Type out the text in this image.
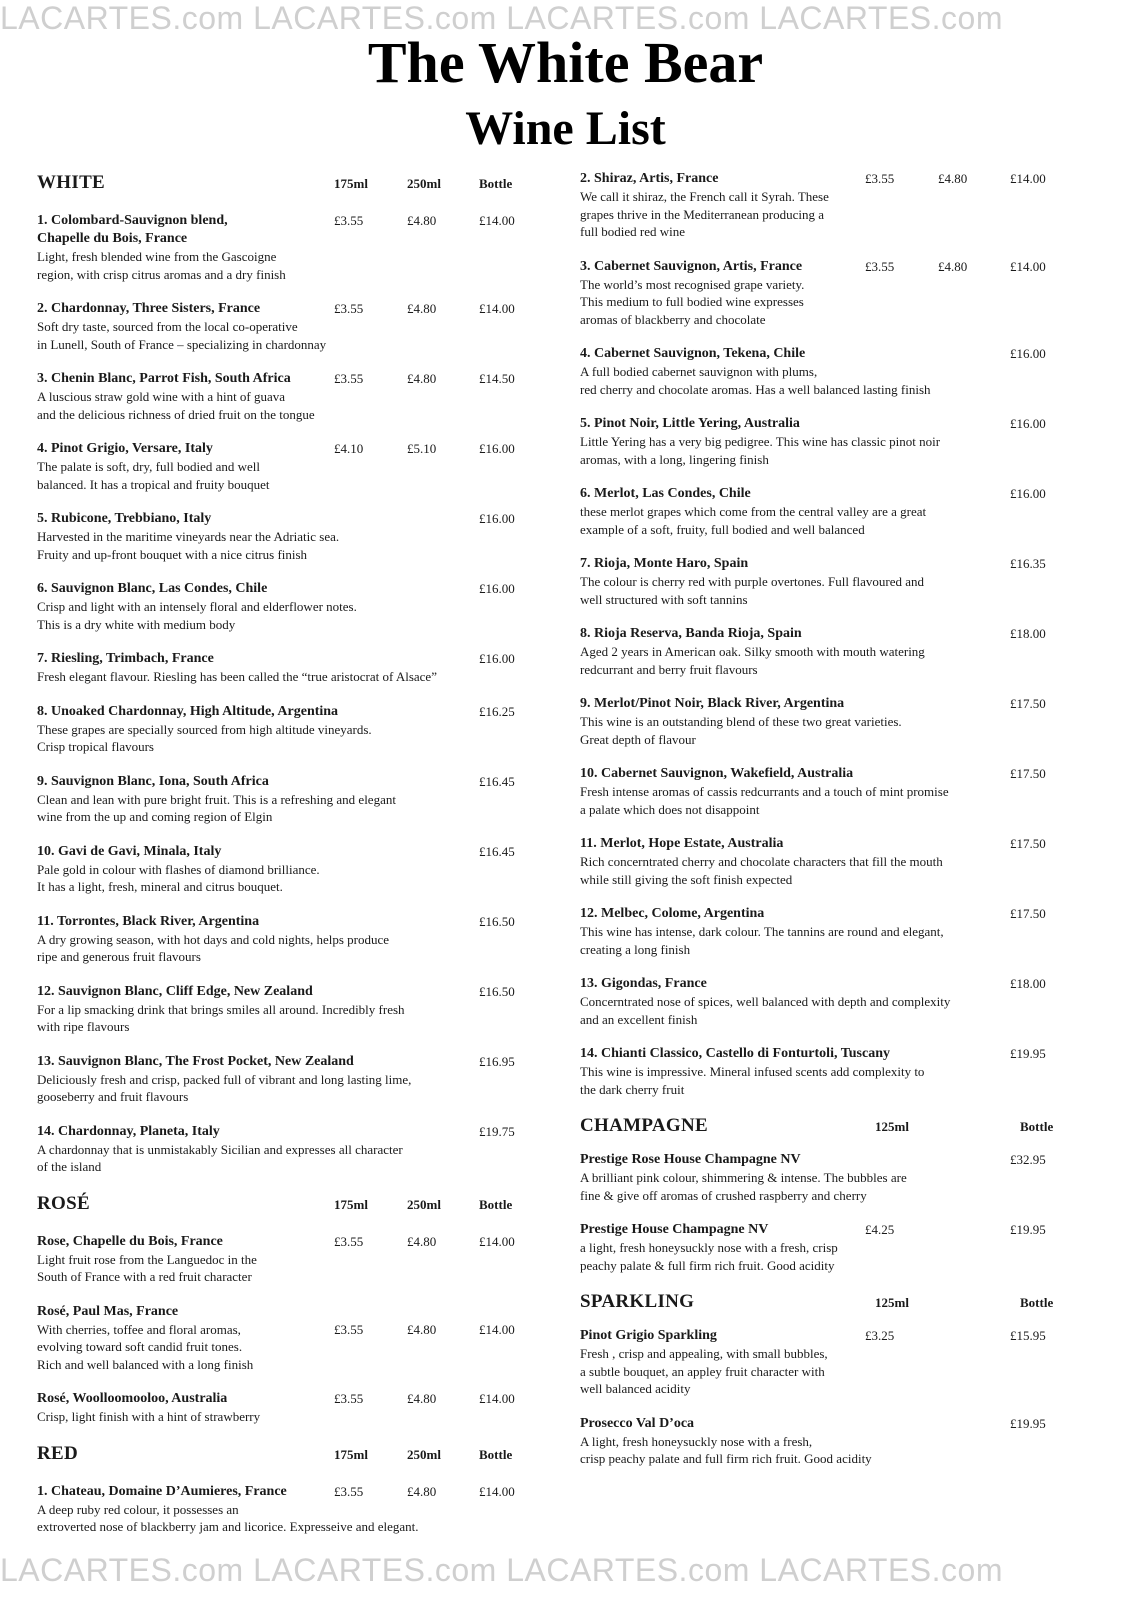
LACARTES.com LACARTES.com LACARTES.com LACARTES.com
The White Bear
Wine List
WHITE	175ml	250ml	Bottle
1. Colombard-Sauvignon blend,
Chapelle du Bois, France
£3.55	£4.80	£14.00
Light, fresh blended wine from the Gascoigne
region, with crisp citrus aromas and a dry finish
2. Chardonnay, Three Sisters, France	£3.55	£4.80	£14.00
Soft dry taste, sourced from the local co-operative
in Lunell, South of France – specializing in chardonnay
3. Chenin Blanc, Parrot Fish, South Africa	£3.55	£4.80	£14.50
A luscious straw gold wine with a hint of guava
and the delicious richness of dried fruit on the tongue
4. Pinot Grigio, Versare, Italy	£4.10	£5.10	£16.00
The palate is soft, dry, full bodied and well
balanced. It has a tropical and fruity bouquet
5. Rubicone, Trebbiano, Italy	£16.00
Harvested in the maritime vineyards near the Adriatic sea.
Fruity and up-front bouquet with a nice citrus finish
6. Sauvignon Blanc, Las Condes, Chile	£16.00
Crisp and light with an intensely floral and elderflower notes.
This is a dry white with medium body
7. Riesling, Trimbach, France	£16.00
Fresh elegant flavour. Riesling has been called the “true aristocrat of Alsace”
8. Unoaked Chardonnay, High Altitude, Argentina	£16.25
These grapes are specially sourced from high altitude vineyards.
Crisp tropical flavours
9. Sauvignon Blanc, Iona, South Africa	£16.45
Clean and lean with pure bright fruit. This is a refreshing and elegant
wine from the up and coming region of Elgin
10. Gavi de Gavi, Minala, Italy	£16.45
Pale gold in colour with flashes of diamond brilliance.
It has a light, fresh, mineral and citrus bouquet.
11. Torrontes, Black River, Argentina	£16.50
A dry growing season, with hot days and cold nights, helps produce
ripe and generous fruit flavours
12. Sauvignon Blanc, Cliff Edge, New Zealand	£16.50
For a lip smacking drink that brings smiles all around. Incredibly fresh
with ripe flavours
13. Sauvignon Blanc, The Frost Pocket, New Zealand	£16.95
Deliciously fresh and crisp, packed full of vibrant and long lasting lime,
gooseberry and fruit flavours
14. Chardonnay, Planeta, Italy	£19.75
A chardonnay that is unmistakably Sicilian and expresses all character
of the island
ROSÉ	175ml	250ml	Bottle
Rose, Chapelle du Bois, France	£3.55	£4.80	£14.00
Light fruit rose from the Languedoc in the
South of France with a red fruit character
Rosé, Paul Mas, France
With cherries, toffee and floral aromas,
evolving toward soft candid fruit tones.
Rich and well balanced with a long finish
£3.55	£4.80	£14.00
Rosé, Woolloomooloo, Australia	£3.55	£4.80	£14.00
Crisp, light finish with a hint of strawberry
RED	175ml	250ml	Bottle
1. Chateau, Domaine D’Aumieres, France	£3.55	£4.80	£14.00
A deep ruby red colour, it possesses an
extroverted nose of blackberry jam and licorice. Expresseive and elegant.
2. Shiraz, Artis, France	£3.55	£4.80	£14.00
We call it shiraz, the French call it Syrah. These
grapes thrive in the Mediterranean producing a
full bodied red wine
3. Cabernet Sauvignon, Artis, France	£3.55	£4.80	£14.00
The world’s most recognised grape variety.
This medium to full bodied wine expresses
aromas of blackberry and chocolate
4. Cabernet Sauvignon, Tekena, Chile	£16.00
A full bodied cabernet sauvignon with plums,
red cherry and chocolate aromas. Has a well balanced lasting finish
5. Pinot Noir, Little Yering, Australia	£16.00
Little Yering has a very big pedigree. This wine has classic pinot noir
aromas, with a long, lingering finish
6. Merlot, Las Condes, Chile	£16.00
these merlot grapes which come from the central valley are a great
example of a soft, fruity, full bodied and well balanced
7. Rioja, Monte Haro, Spain	£16.35
The colour is cherry red with purple overtones. Full flavoured and
well structured with soft tannins
8. Rioja Reserva, Banda Rioja, Spain	£18.00
Aged 2 years in American oak. Silky smooth with mouth watering
redcurrant and berry fruit flavours
9. Merlot/Pinot Noir, Black River, Argentina	£17.50
This wine is an outstanding blend of these two great varieties.
Great depth of flavour
10. Cabernet Sauvignon, Wakefield, Australia	£17.50
Fresh intense aromas of cassis redcurrants and a touch of mint promise
a palate which does not disappoint
11. Merlot, Hope Estate, Australia	£17.50
Rich concerntrated cherry and chocolate characters that fill the mouth
while still giving the soft finish expected
12. Melbec, Colome, Argentina	£17.50
This wine has intense, dark colour. The tannins are round and elegant,
creating a long finish
13. Gigondas, France	£18.00
Concerntrated nose of spices, well balanced with depth and complexity
and an excellent finish
14. Chianti Classico, Castello di Fonturtoli, Tuscany	£19.95
This wine is impressive. Mineral infused scents add complexity to
the dark cherry fruit
CHAMPAGNE	125ml	Bottle
Prestige Rose House Champagne NV	£32.95
A brilliant pink colour, shimmering & intense. The bubbles are
fine & give off aromas of crushed raspberry and cherry
Prestige House Champagne NV	£4.25	£19.95
a light, fresh honeysuckly nose with a fresh, crisp
peachy palate & full firm rich fruit. Good acidity
SPARKLING	125ml	Bottle
Pinot Grigio Sparkling	£3.25	£15.95
Fresh , crisp and appealing, with small bubbles,
a subtle bouquet, an appley fruit character with
well balanced acidity
Prosecco Val D’oca	£19.95
A light, fresh honeysuckly nose with a fresh,
crisp peachy palate and full firm rich fruit. Good acidity
LACARTES.com LACARTES.com LACARTES.com LACARTES.com
